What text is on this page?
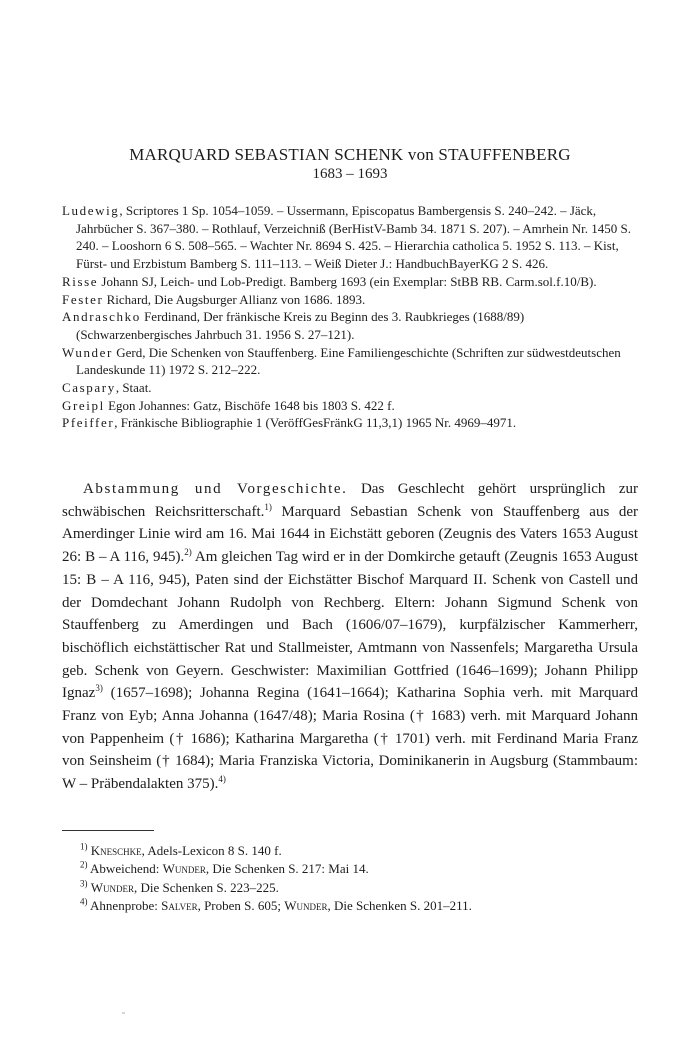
MARQUARD SEBASTIAN SCHENK von STAUFFENBERG
1683 – 1693

Ludewig, Scriptores 1 Sp. 1054–1059. – Ussermann, Episcopatus Bambergensis S. 240–242. – Jäck, Jahrbücher S. 367–380. – Rothlauf, Verzeichniß (BerHistV-Bamb 34. 1871 S. 207). – Amrhein Nr. 1450 S. 240. – Looshorn 6 S. 508–565. – Wachter Nr. 8694 S. 425. – Hierarchia catholica 5. 1952 S. 113. – Kist, Fürst- und Erzbistum Bamberg S. 111–113. – Weiß Dieter J.: HandbuchBayerKG 2 S. 426.

Risse Johann SJ, Leich- und Lob-Predigt. Bamberg 1693 (ein Exemplar: StBB RB. Carm.sol.f.10/B).

Fester Richard, Die Augsburger Allianz von 1686. 1893.

Andraschko Ferdinand, Der fränkische Kreis zu Beginn des 3. Raubkrieges (1688/89) (Schwarzenbergisches Jahrbuch 31. 1956 S. 27–121).

Wunder Gerd, Die Schenken von Stauffenberg. Eine Familiengeschichte (Schriften zur südwestdeutschen Landeskunde 11) 1972 S. 212–222.

Caspary, Staat.

Greipl Egon Johannes: Gatz, Bischöfe 1648 bis 1803 S. 422 f.

Pfeiffer, Fränkische Bibliographie 1 (VeröffGesFränkG 11,3,1) 1965 Nr. 4969–4971.

Abstammung und Vorgeschichte. Das Geschlecht gehört ursprünglich zur schwäbischen Reichsritterschaft.$^{1)}$ Marquard Sebastian Schenk von Stauffenberg aus der Amerdinger Linie wird am 16. Mai 1644 in Eichstätt geboren (Zeugnis des Vaters 1653 August 26: B – A 116, 945).$^{2)}$ Am gleichen Tag wird er in der Domkirche getauft (Zeugnis 1653 August 15: B – A 116, 945), Paten sind der Eichstätter Bischof Marquard II. Schenk von Castell und der Domdechant Johann Rudolph von Rechberg. Eltern: Johann Sigmund Schenk von Stauffenberg zu Amerdingen und Bach (1606/07–1679), kurpfälzischer Kammerherr, bischöflich eichstättischer Rat und Stallmeister, Amtmann von Nassenfels; Margaretha Ursula geb. Schenk von Geyern. Geschwister: Maximilian Gottfried (1646–1699); Johann Philipp Ignaz$^{3)}$ (1657–1698); Johanna Regina (1641–1664); Katharina Sophia verh. mit Marquard Franz von Eyb; Anna Johanna (1647/48); Maria Rosina († 1683) verh. mit Marquard Johann von Pappenheim († 1686); Katharina Margaretha († 1701) verh. mit Ferdinand Maria Franz von Seinsheim († 1684); Maria Franziska Victoria, Dominikanerin in Augsburg (Stammbaum: W – Präbendalakten 375).$^{4)}$

$^{1)}$ Kneschke, Adels-Lexicon 8 S. 140 f.

$^{2)}$ Abweichend: Wunder, Die Schenken S. 217: Mai 14.

$^{3)}$ Wunder, Die Schenken S. 223–225.

$^{4)}$ Ahnenprobe: Salver, Proben S. 605; Wunder, Die Schenken S. 201–211.
